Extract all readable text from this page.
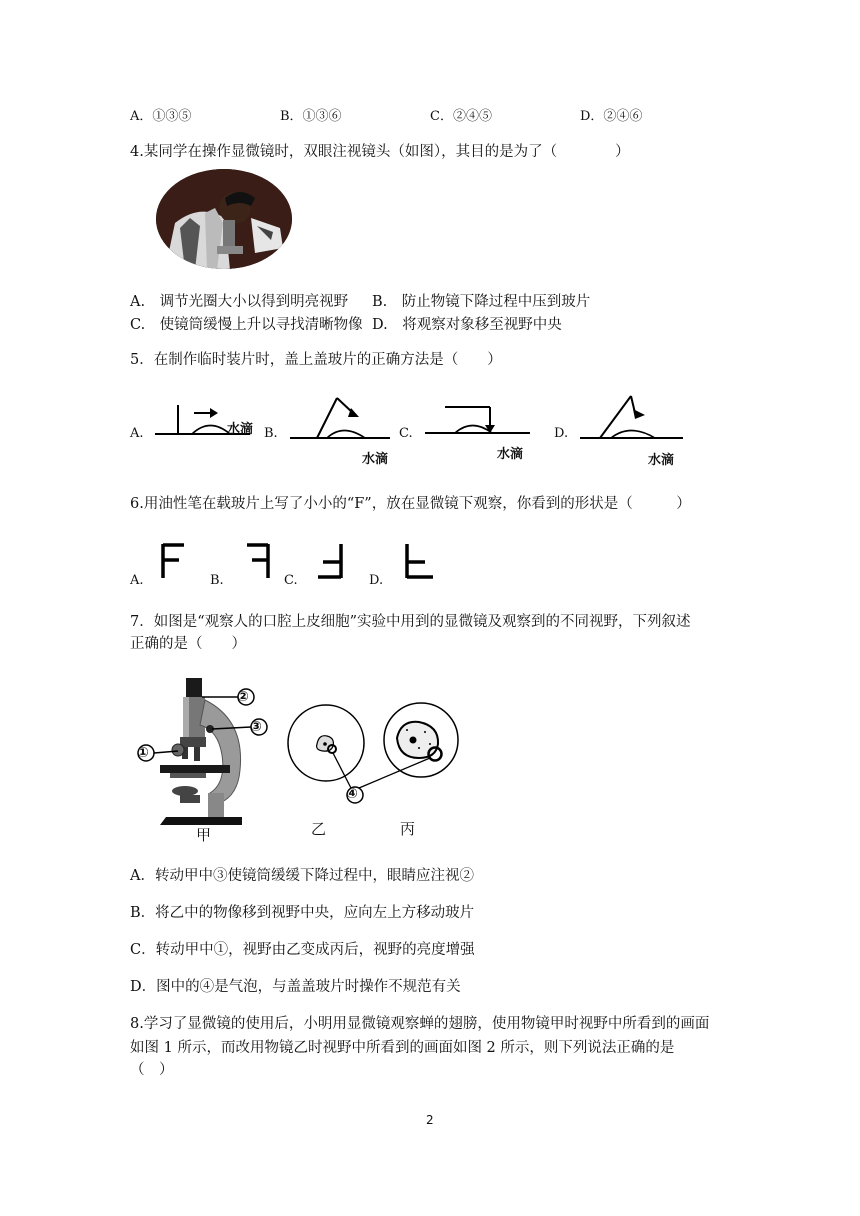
A．①③⑤	B．①③⑥	C．②④⑤	D．②④⑥
4.某同学在操作显微镜时，双眼注视镜头（如图），其目的是为了（　　　　）
A.　调节光圈大小以得到明亮视野 B.　防止物镜下降过程中压到玻片
C.　使镜筒缓慢上升以寻找清晰物像 D.　将观察对象移至视野中央
5．在制作临时装片时，盖上盖玻片的正确方法是（　　）
A.	B.	C.	D.
水滴
水滴	水滴	水滴
6.用油性笔在载玻片上写了小小的“F”，放在显微镜下观察，你看到的形状是（　　　）
A.	B.	C.	D.
7．如图是“观察人的口腔上皮细胞”实验中用到的显微镜及观察到的不同视野，下列叙述
正确的是（　　）
②
③
①
甲
④
乙	丙
A．转动甲中③使镜筒缓缓下降过程中，眼睛应注视②
B．将乙中的物像移到视野中央，应向左上方移动玻片
C．转动甲中①，视野由乙变成丙后，视野的亮度增强
D．图中的④是气泡，与盖盖玻片时操作不规范有关
8.学习了显微镜的使用后，小明用显微镜观察蝉的翅膀，使用物镜甲时视野中所看到的画面
如图 1 所示，而改用物镜乙时视野中所看到的画面如图 2 所示，则下列说法正确的是
（　）
2
